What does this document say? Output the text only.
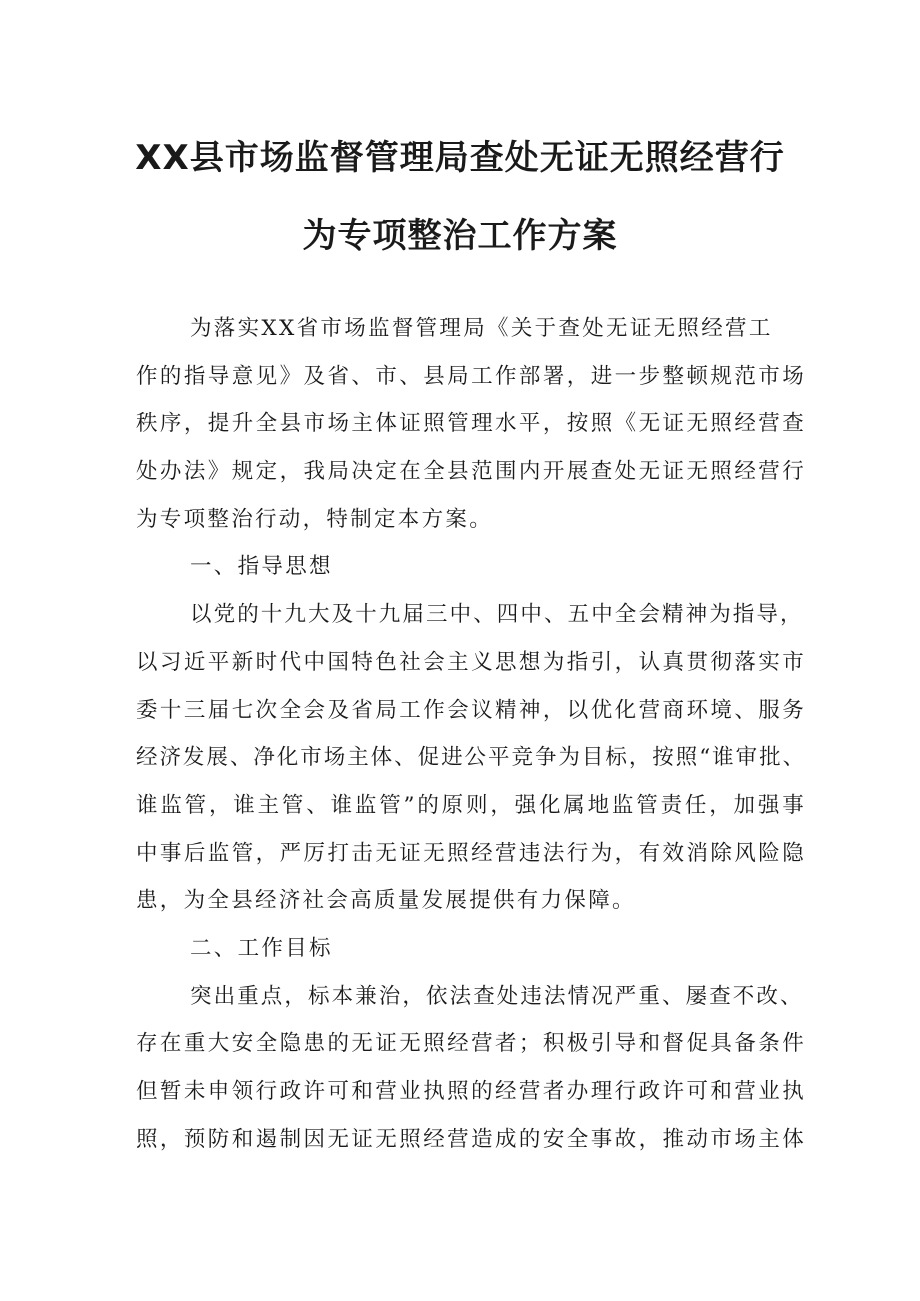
XX县市场监督管理局查处无证无照经营行
为专项整治工作方案
为落实XX省市场监督管理局《关于查处无证无照经营工
作的指导意见》及省、市、县局工作部署，进一步整顿规范市场
秩序，提升全县市场主体证照管理水平，按照《无证无照经营查
处办法》规定，我局决定在全县范围内开展查处无证无照经营行
为专项整治行动，特制定本方案。
一、指导思想
以党的十九大及十九届三中、四中、五中全会精神为指导，
以习近平新时代中国特色社会主义思想为指引，认真贯彻落实市
委十三届七次全会及省局工作会议精神，以优化营商环境、服务
经济发展、净化市场主体、促进公平竞争为目标，按照“谁审批、
谁监管，谁主管、谁监管”的原则，强化属地监管责任，加强事
中事后监管，严厉打击无证无照经营违法行为，有效消除风险隐
患，为全县经济社会高质量发展提供有力保障。
二、工作目标
突出重点，标本兼治，依法查处违法情况严重、屡查不改、
存在重大安全隐患的无证无照经营者；积极引导和督促具备条件
但暂未申领行政许可和营业执照的经营者办理行政许可和营业执
照，预防和遏制因无证无照经营造成的安全事故，推动市场主体
